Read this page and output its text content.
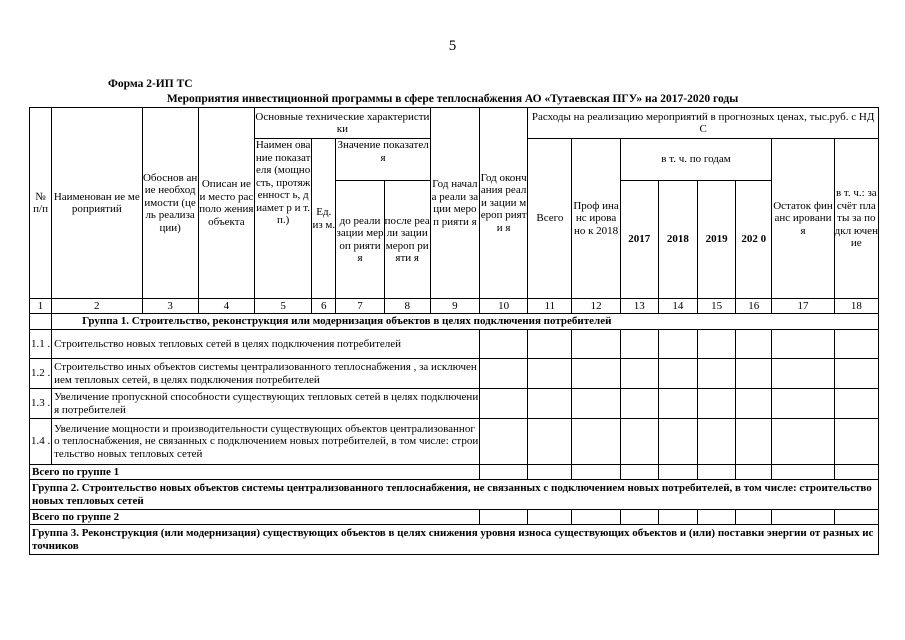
5
Форма 2-ИП ТС
Мероприятия инвестиционной программы в сфере теплоснабжения АО «Тутаевская ПГУ» на 2017-2020 годы
№ п/п	Наименован ие мероприятий	Обоснов ание необход имости (цель реализа ции)	Описан ие и место располо жения объекта	Основные технические характеристики				Год начал а реали зации мероп рияти я	Год оконч ания реали зации мероп рияти я	Расходы на реализацию мероприятий в прогнозных ценах, тыс.руб. с НДС							
				Наимен ование показат еля (мощно сть, протяж енност ь, диамет р и т.п.)	Ед. из м.	Значение показателя				Всего	Проф инанс ирова но к 2018	в т. ч. по годам				Остаток финанс ировани я	в т. ч.: за счёт платы за подкл ючение
						до реали зации мероп рияти я	после реали зации мероп рияти я					2017	2018	2019	202 0		
1	2	3	4	5	6	7	8	9	10	11	12	13	14	15	16	17	18
	Группа 1. Строительство, реконструкция или модернизация объектов в целях подключения потребителей																
1.1 .	Строительство новых тепловых сетей в целях подключения потребителей																
1.2 .	Строительство иных объектов системы централизованного теплоснабжения , за исключением тепловых сетей, в целях подключения потребителей																
1.3 .	Увеличение пропускной способности существующих тепловых сетей в целях подключения потребителей																
1.4 .	Увеличение мощности и производительности существующих объектов централизованного теплоснабжения, не связанных с подключением новых потребителей, в том числе: строительство новых тепловых сетей																
Всего по группе 1																	
Группа 2. Строительство новых объектов системы централизованного теплоснабжения, не связанных с подключением новых потребителей, в том числе: строительство новых тепловых сетей																	
Всего по группе 2																	
Группа 3. Реконструкция (или модернизация) существующих объектов в целях снижения уровня износа существующих объектов и (или) поставки энергии от разных источников																	
